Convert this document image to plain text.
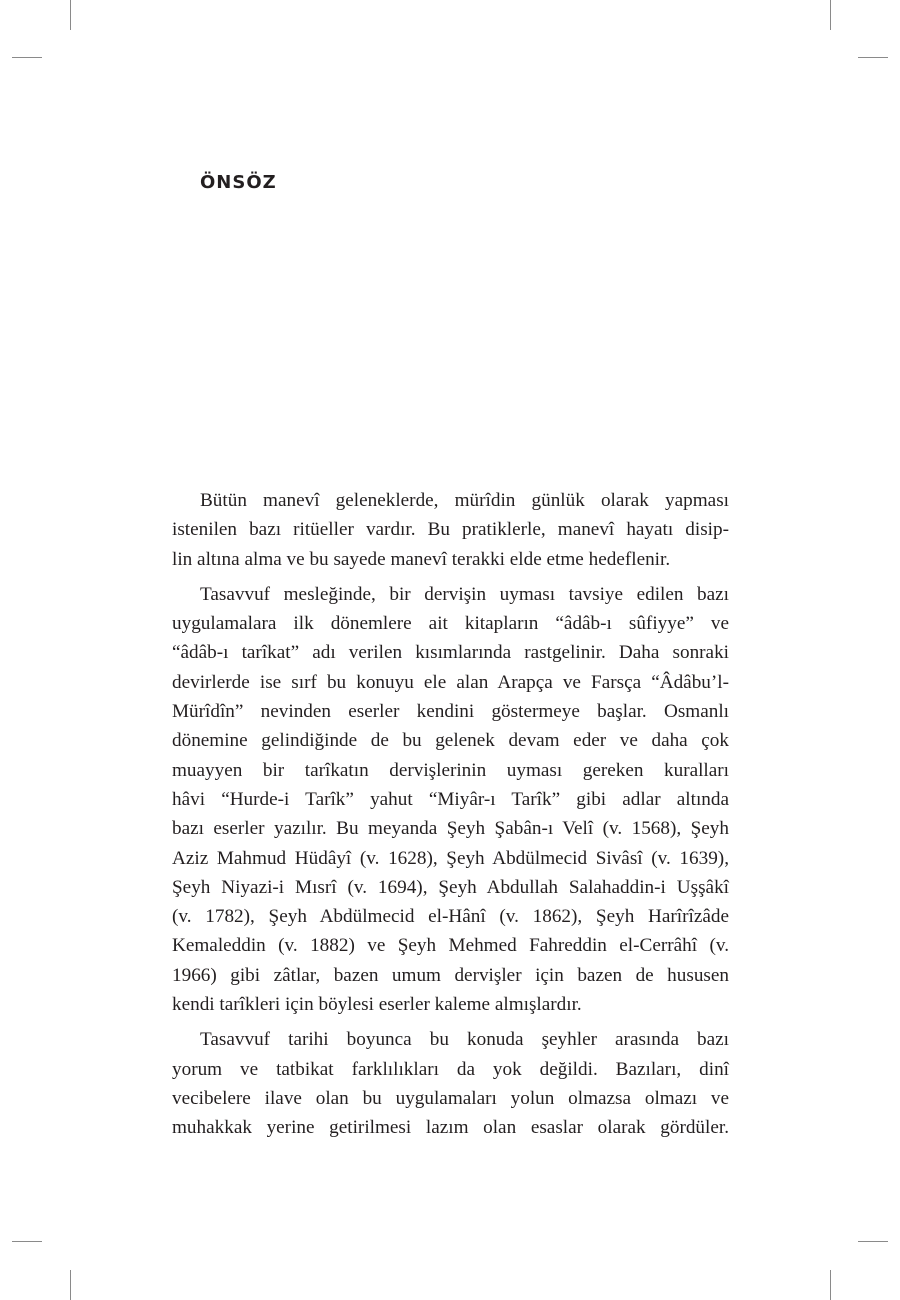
ÖNSÖZ

Bütün manevî geleneklerde, mürîdin günlük olarak yapması
istenilen bazı ritüeller vardır. Bu pratiklerle, manevî hayatı disip-
lin altına alma ve bu sayede manevî terakki elde etme hedeflenir.

Tasavvuf mesleğinde, bir dervişin uyması tavsiye edilen bazı
uygulamalara ilk dönemlere ait kitapların “âdâb-ı sûfiyye” ve
“âdâb-ı tarîkat” adı verilen kısımlarında rastgelinir. Daha sonraki
devirlerde ise sırf bu konuyu ele alan Arapça ve Farsça “Âdâbu’l-
Mürîdîn” nevinden eserler kendini göstermeye başlar. Osmanlı
dönemine gelindiğinde de bu gelenek devam eder ve daha çok
muayyen bir tarîkatın dervişlerinin uyması gereken kuralları
hâvi “Hurde-i Tarîk” yahut “Miyâr-ı Tarîk” gibi adlar altında
bazı eserler yazılır. Bu meyanda Şeyh Şabân-ı Velî (v. 1568), Şeyh
Aziz Mahmud Hüdâyî (v. 1628), Şeyh Abdülmecid Sivâsî (v. 1639),
Şeyh Niyazi-i Mısrî (v. 1694), Şeyh Abdullah Salahaddin-i Uşşâkî
(v. 1782), Şeyh Abdülmecid el-Hânî (v. 1862), Şeyh Harîrîzâde
Kemaleddin (v. 1882) ve Şeyh Mehmed Fahreddin el-Cerrâhî (v.
1966) gibi zâtlar, bazen umum dervişler için bazen de hususen
kendi tarîkleri için böylesi eserler kaleme almışlardır.

Tasavvuf tarihi boyunca bu konuda şeyhler arasında bazı
yorum ve tatbikat farklılıkları da yok değildi. Bazıları, dinî
vecibelere ilave olan bu uygulamaları yolun olmazsa olmazı ve
muhakkak yerine getirilmesi lazım olan esaslar olarak gördüler.
